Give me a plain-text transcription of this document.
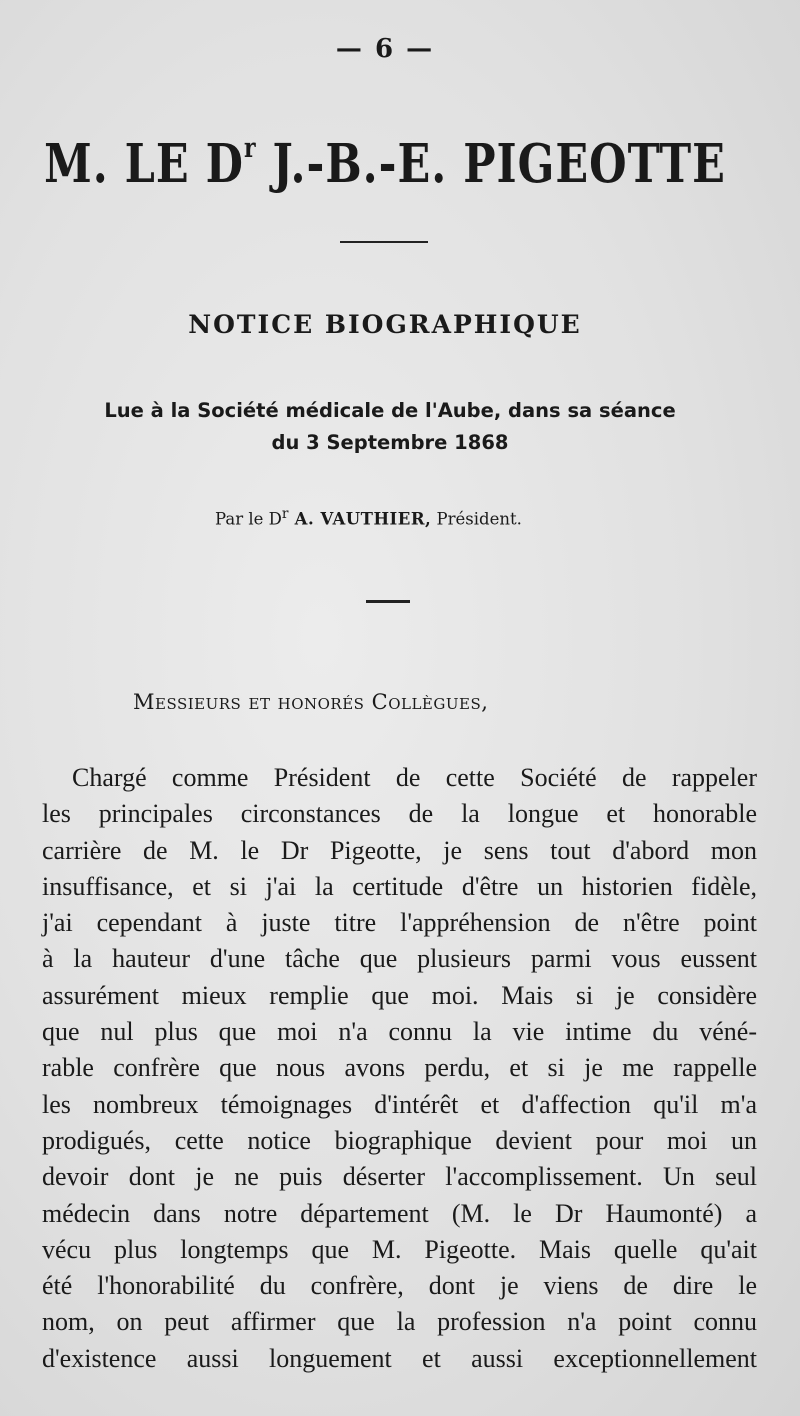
— 6 —
M. LE $D^r$ J.-B.-E. PIGEOTTE
NOTICE BIOGRAPHIQUE
Lue à la Société médicale de l'Aube, dans sa séance
du 3 Septembre 1868
Par le $D^r$ A. VAUTHIER, Président.
Messieurs et honorés Collègues,
Chargé comme Président de cette Société de rappeler
les principales circonstances de la longue et honorable
carrière de M. le Dr Pigeotte, je sens tout d'abord mon
insuffisance, et si j'ai la certitude d'être un historien fidèle,
j'ai cependant à juste titre l'appréhension de n'être point
à la hauteur d'une tâche que plusieurs parmi vous eussent
assurément mieux remplie que moi. Mais si je considère
que nul plus que moi n'a connu la vie intime du véné-
rable confrère que nous avons perdu, et si je me rappelle
les nombreux témoignages d'intérêt et d'affection qu'il m'a
prodigués, cette notice biographique devient pour moi un
devoir dont je ne puis déserter l'accomplissement. Un seul
médecin dans notre département (M. le Dr Haumonté) a
vécu plus longtemps que M. Pigeotte. Mais quelle qu'ait
été l'honorabilité du confrère, dont je viens de dire le
nom, on peut affirmer que la profession n'a point connu
d'existence aussi longuement et aussi exceptionnellement
